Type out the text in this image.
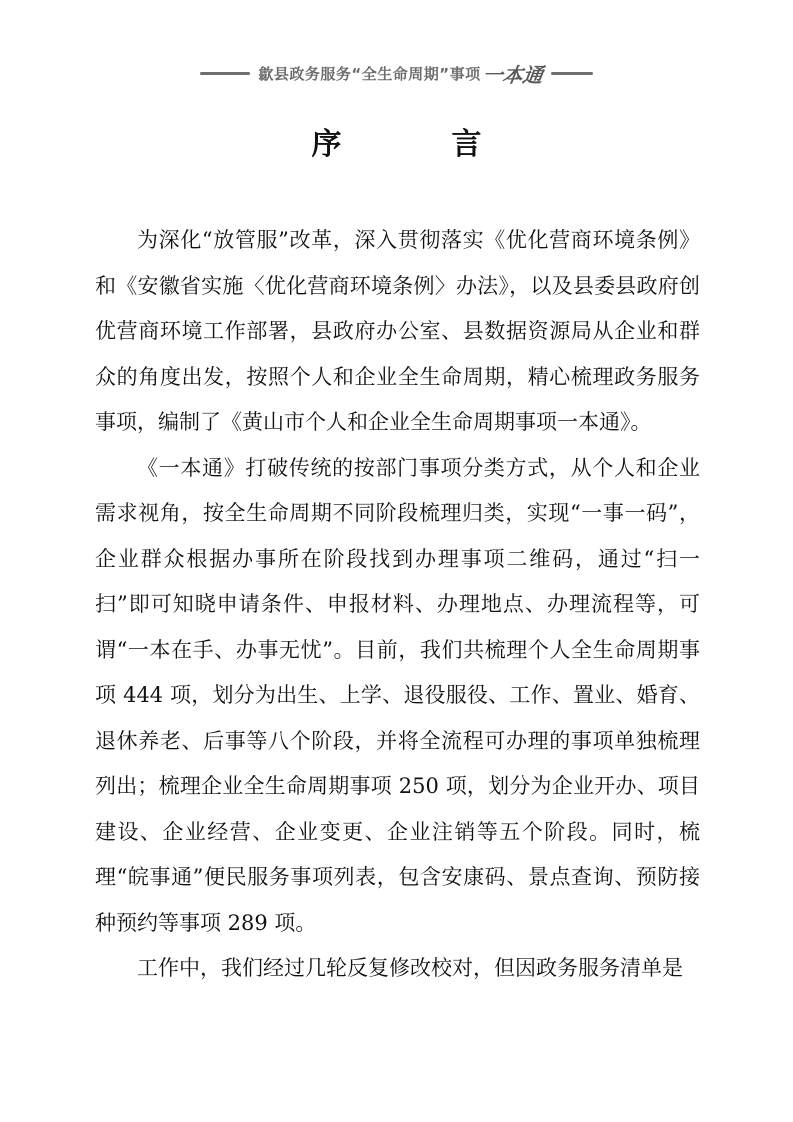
歙县政务服务“全生命周期”事项 一本通
序　言

为深化“放管服”改革，深入贯彻落实《优化营商环境条例》和《安徽省实施〈优化营商环境条例〉办法》，以及县委县政府创优营商环境工作部署，县政府办公室、县数据资源局从企业和群众的角度出发，按照个人和企业全生命周期，精心梳理政务服务事项，编制了《黄山市个人和企业全生命周期事项一本通》。

《一本通》打破传统的按部门事项分类方式，从个人和企业需求视角，按全生命周期不同阶段梳理归类，实现“一事一码”，企业群众根据办事所在阶段找到办理事项二维码，通过“扫一扫”即可知晓申请条件、申报材料、办理地点、办理流程等，可谓“一本在手、办事无忧”。目前，我们共梳理个人全生命周期事项 444 项，划分为出生、上学、退役服役、工作、置业、婚育、退休养老、后事等八个阶段，并将全流程可办理的事项单独梳理列出；梳理企业全生命周期事项 250 项，划分为企业开办、项目建设、企业经营、企业变更、企业注销等五个阶段。同时，梳理“皖事通”便民服务事项列表，包含安康码、景点查询、预防接种预约等事项 289 项。

工作中，我们经过几轮反复修改校对，但因政务服务清单是
